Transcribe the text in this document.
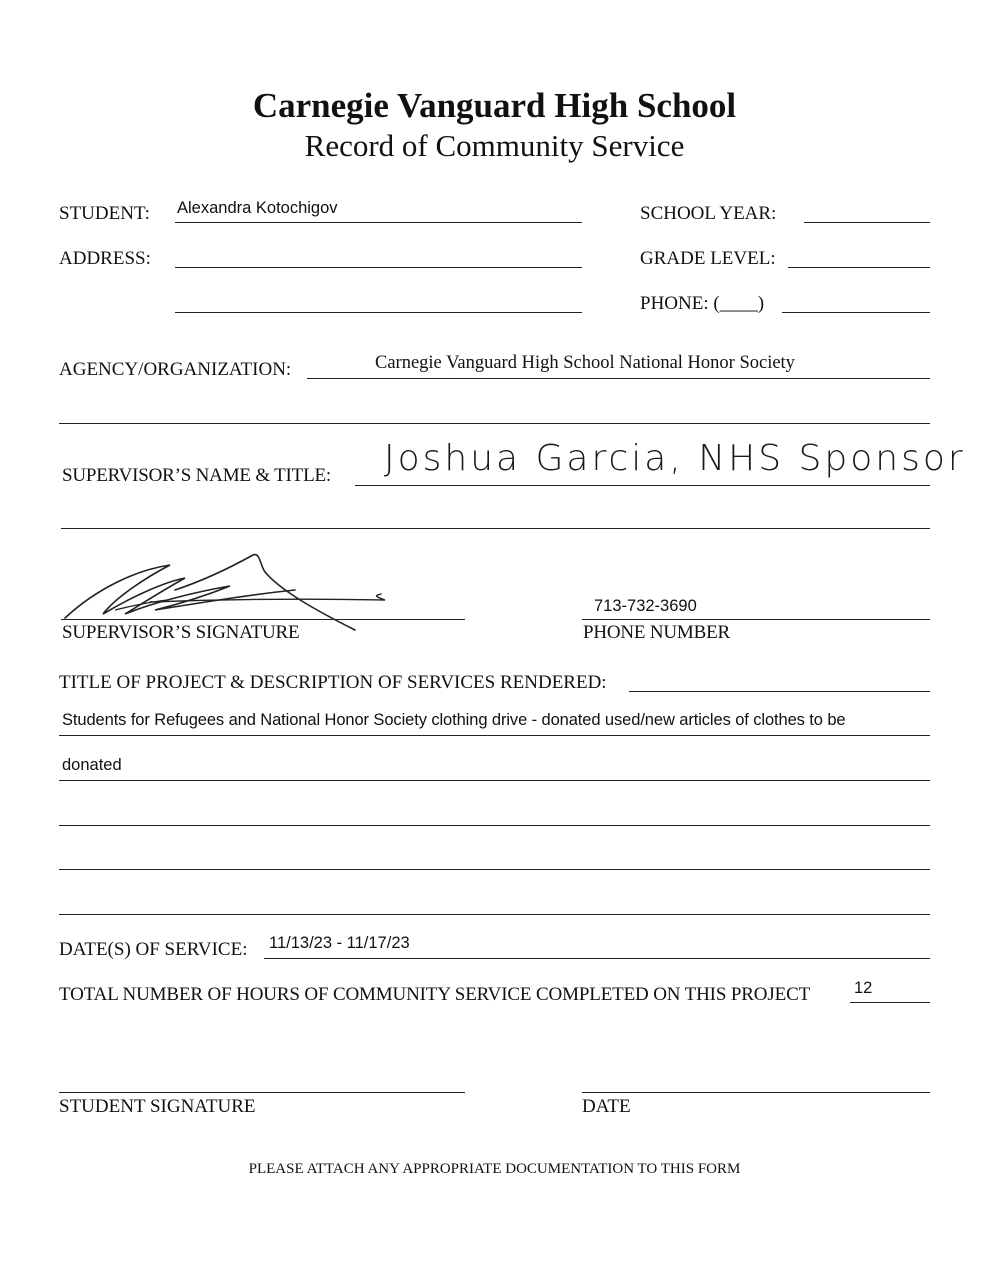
Carnegie Vanguard High School
Record of Community Service
STUDENT: Alexandra Kotochigov	SCHOOL YEAR:
ADDRESS:	GRADE LEVEL:
PHONE: (____)
AGENCY/ORGANIZATION:	Carnegie Vanguard High School National Honor Society
SUPERVISOR’S NAME & TITLE: Joshua Garcia, NHS Sponsor
SUPERVISOR’S SIGNATURE
713-732-3690
PHONE NUMBER
TITLE OF PROJECT & DESCRIPTION OF SERVICES RENDERED:
Students for Refugees and National Honor Society clothing drive - donated used/new articles of clothes to be
donated
DATE(S) OF SERVICE: 11/13/23 - 11/17/23
TOTAL NUMBER OF HOURS OF COMMUNITY SERVICE COMPLETED ON THIS PROJECT	12
STUDENT SIGNATURE	DATE
PLEASE ATTACH ANY APPROPRIATE DOCUMENTATION TO THIS FORM
